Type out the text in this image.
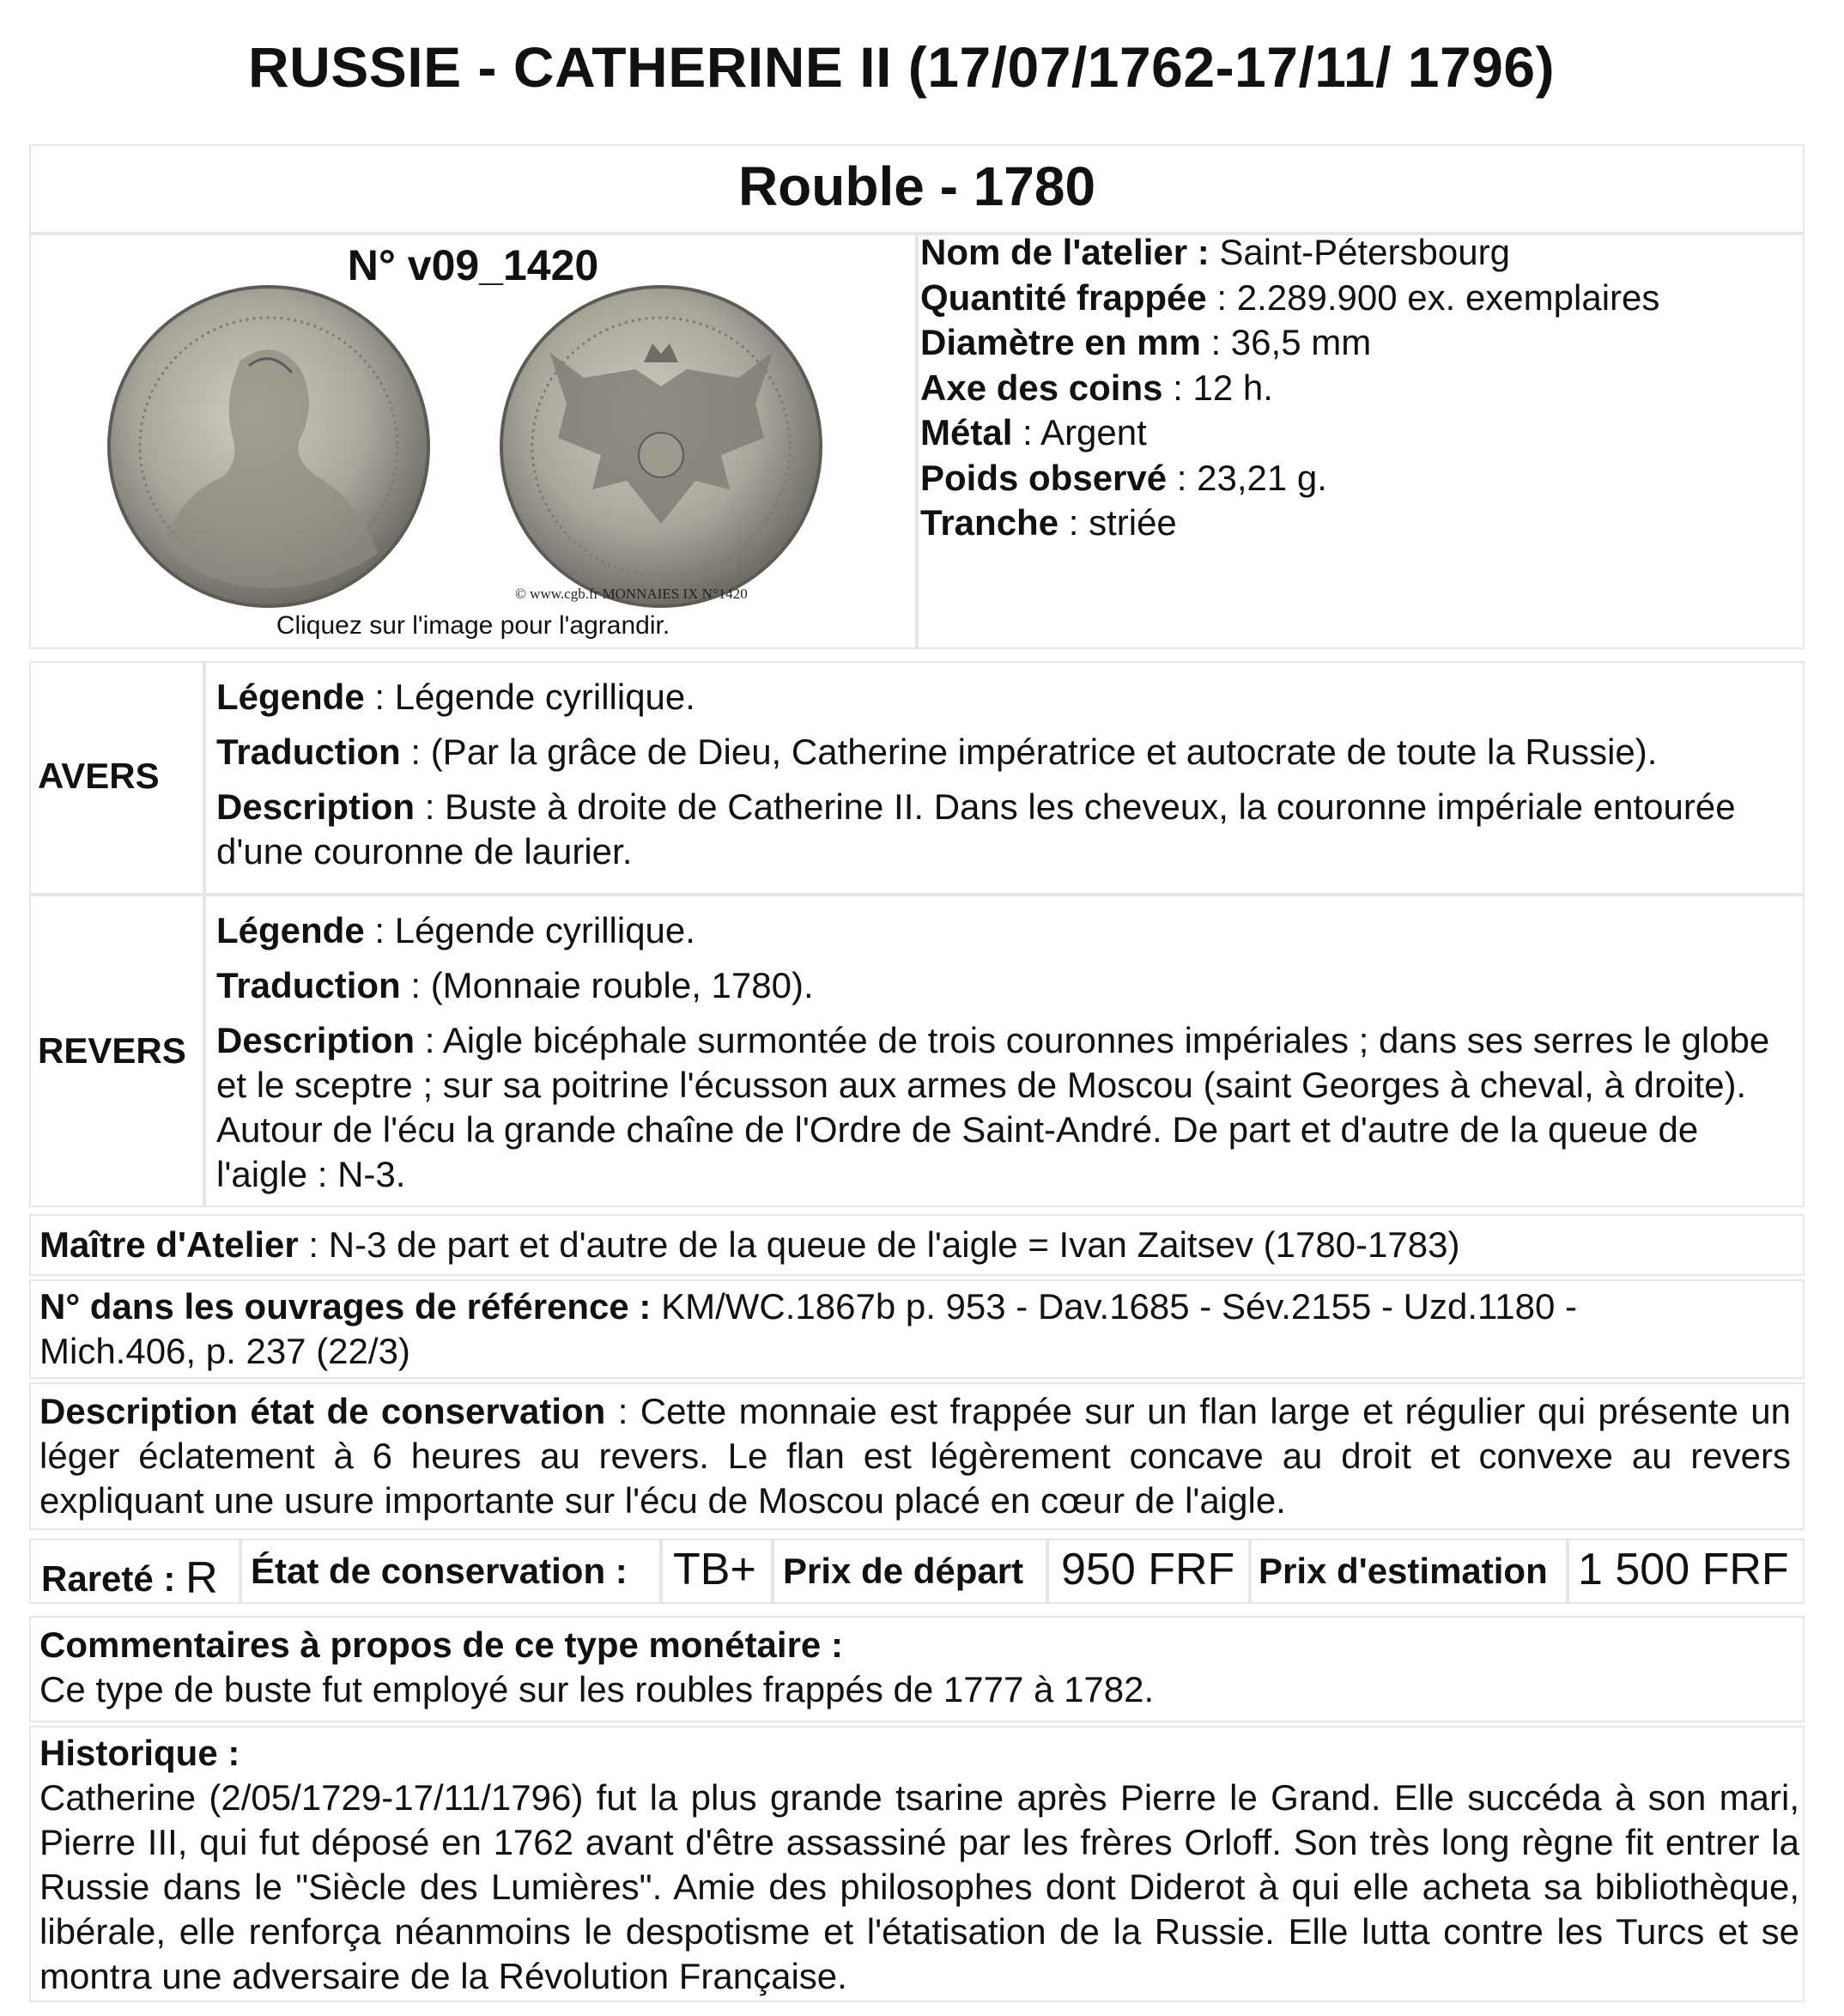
RUSSIE - CATHERINE II (17/07/1762-17/11/ 1796)
Rouble - 1780
N° v09_1420
© www.cgb.fr MONNAIES IX N°1420
Cliquez sur l'image pour l'agrandir.
Nom de l'atelier : Saint-Pétersbourg
Quantité frappée : 2.289.900 ex. exemplaires
Diamètre en mm : 36,5 mm
Axe des coins : 12 h.
Métal : Argent
Poids observé : 23,21 g.
Tranche : striée
AVERS

Légende : Légende cyrillique.

Traduction : (Par la grâce de Dieu, Catherine impératrice et autocrate de toute la Russie).

Description : Buste à droite de Catherine II. Dans les cheveux, la couronne impériale entourée d'une couronne de laurier.

REVERS

Légende : Légende cyrillique.

Traduction : (Monnaie rouble, 1780).

Description : Aigle bicéphale surmontée de trois couronnes impériales ; dans ses serres le globe et le sceptre ; sur sa poitrine l'écusson aux armes de Moscou (saint Georges à cheval, à droite). Autour de l'écu la grande chaîne de l'Ordre de Saint-André. De part et d'autre de la queue de l'aigle : N-3.

Maître d'Atelier : N-3 de part et d'autre de la queue de l'aigle = Ivan Zaitsev (1780-1783)
N° dans les ouvrages de référence : KM/WC.1867b p. 953 - Dav.1685 - Sév.2155 - Uzd.1180 - Mich.406, p. 237 (22/3)
Description état de conservation : Cette monnaie est frappée sur un flan large et régulier qui présente un léger éclatement à 6 heures au revers. Le flan est légèrement concave au droit et convexe au revers expliquant une usure importante sur l'écu de Moscou placé en cœur de l'aigle.
Rareté : R État de conservation : TB+ Prix de départ 950 FRF Prix d'estimation 1 500 FRF
Commentaires à propos de ce type monétaire :
Ce type de buste fut employé sur les roubles frappés de 1777 à 1782.
Historique :
Catherine (2/05/1729-17/11/1796) fut la plus grande tsarine après Pierre le Grand. Elle succéda à son mari, Pierre III, qui fut déposé en 1762 avant d'être assassiné par les frères Orloff. Son très long règne fit entrer la Russie dans le "Siècle des Lumières". Amie des philosophes dont Diderot à qui elle acheta sa bibliothèque, libérale, elle renforça néanmoins le despotisme et l'étatisation de la Russie. Elle lutta contre les Turcs et se montra une adversaire de la Révolution Française.
